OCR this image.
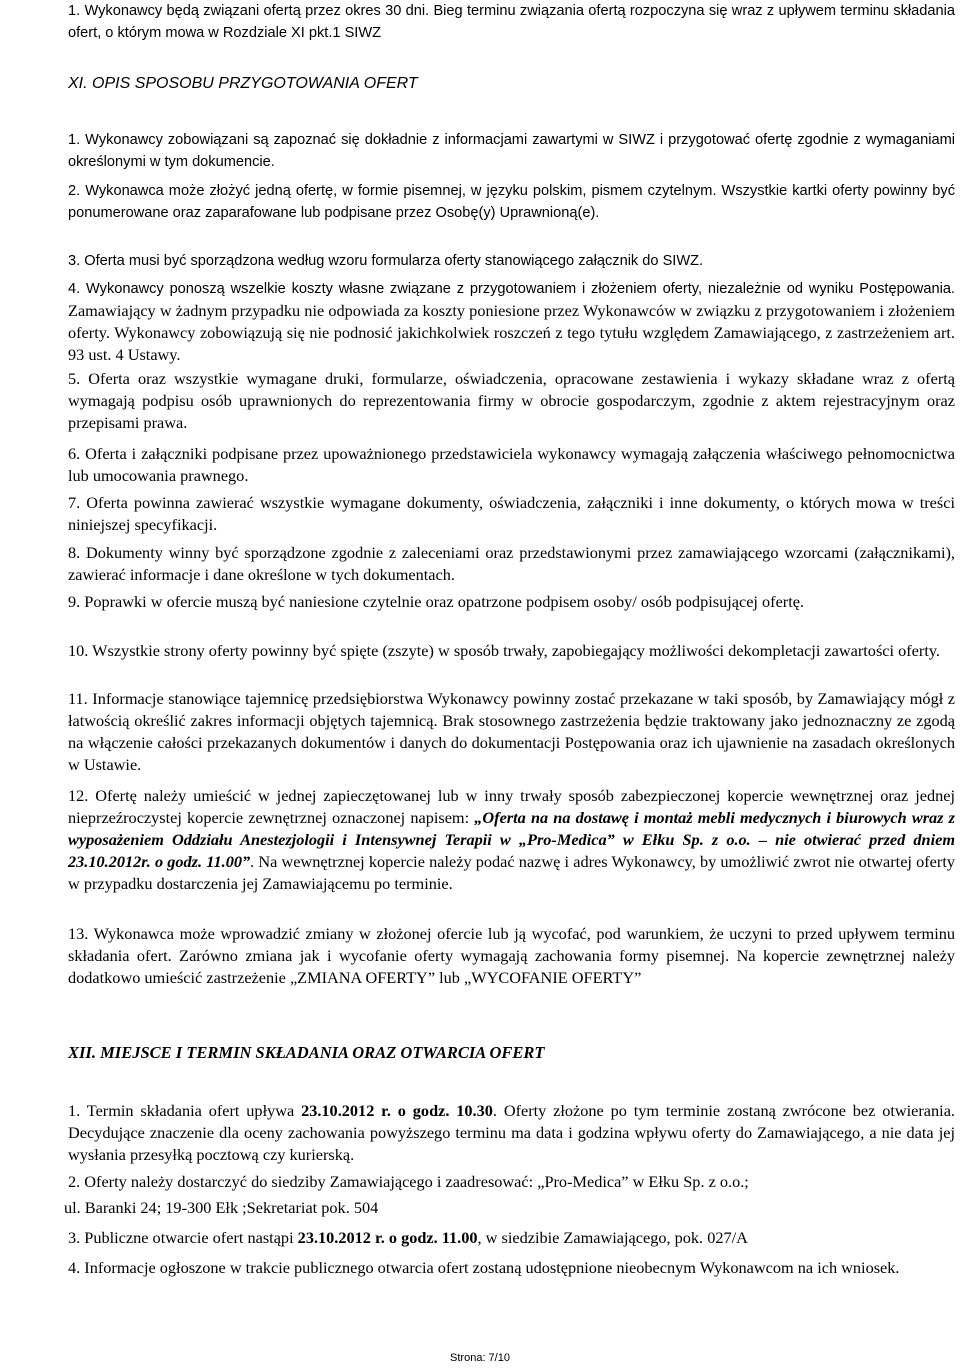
1. Wykonawcy będą związani ofertą przez okres 30 dni. Bieg terminu związania ofertą rozpoczyna się wraz z upływem terminu składania ofert, o którym mowa w Rozdziale XI pkt.1 SIWZ

XI. OPIS SPOSOBU PRZYGOTOWANIA OFERT

1. Wykonawcy zobowiązani są zapoznać się dokładnie z informacjami zawartymi w SIWZ i przygotować ofertę zgodnie z wymaganiami określonymi w tym dokumencie.

2. Wykonawca może złożyć jedną ofertę, w formie pisemnej, w języku polskim, pismem czytelnym. Wszystkie kartki oferty powinny być ponumerowane oraz zaparafowane lub podpisane przez Osobę(y) Uprawnioną(e).

3. Oferta musi być sporządzona według wzoru formularza oferty stanowiącego załącznik do SIWZ.

4. Wykonawcy ponoszą wszelkie koszty własne związane z przygotowaniem i złożeniem oferty, niezależnie od wyniku Postępowania. Zamawiający w żadnym przypadku nie odpowiada za koszty poniesione przez Wykonawców w związku z przygotowaniem i złożeniem oferty. Wykonawcy zobowiązują się nie podnosić jakichkolwiek roszczeń z tego tytułu względem Zamawiającego, z zastrzeżeniem art. 93 ust. 4 Ustawy.

5. Oferta oraz wszystkie wymagane druki, formularze, oświadczenia, opracowane zestawienia i wykazy składane wraz z ofertą wymagają podpisu osób uprawnionych do reprezentowania firmy w obrocie gospodarczym, zgodnie z aktem rejestracyjnym oraz przepisami prawa.

6. Oferta i załączniki podpisane przez upoważnionego przedstawiciela wykonawcy wymagają załączenia właściwego pełnomocnictwa lub umocowania prawnego.

7. Oferta powinna zawierać wszystkie wymagane dokumenty, oświadczenia, załączniki i inne dokumenty, o których mowa w treści niniejszej specyfikacji.

8. Dokumenty winny być sporządzone zgodnie z zaleceniami oraz przedstawionymi przez zamawiającego wzorcami (załącznikami), zawierać informacje i dane określone w tych dokumentach.

9. Poprawki w ofercie muszą być naniesione czytelnie oraz opatrzone podpisem osoby/ osób podpisującej ofertę.

10. Wszystkie strony oferty powinny być spięte (zszyte) w sposób trwały, zapobiegający możliwości dekompletacji zawartości oferty.

11. Informacje stanowiące tajemnicę przedsiębiorstwa Wykonawcy powinny zostać przekazane w taki sposób, by Zamawiający mógł z łatwością określić zakres informacji objętych tajemnicą. Brak stosownego zastrzeżenia będzie traktowany jako jednoznaczny ze zgodą na włączenie całości przekazanych dokumentów i danych do dokumentacji Postępowania oraz ich ujawnienie na zasadach określonych w Ustawie.

12. Ofertę należy umieścić w jednej zapieczętowanej lub w inny trwały sposób zabezpieczonej kopercie wewnętrznej oraz jednej nieprzeźroczystej kopercie zewnętrznej oznaczonej napisem: „Oferta na na dostawę i montaż mebli medycznych i biurowych wraz z wyposażeniem Oddziału Anestezjologii i Intensywnej Terapii w „Pro-Medica” w Ełku Sp. z o.o. – nie otwierać przed dniem 23.10.2012r. o godz. 11.00”. Na wewnętrznej kopercie należy podać nazwę i adres Wykonawcy, by umożliwić zwrot nie otwartej oferty w przypadku dostarczenia jej Zamawiającemu po terminie.

13. Wykonawca może wprowadzić zmiany w złożonej ofercie lub ją wycofać, pod warunkiem, że uczyni to przed upływem terminu składania ofert. Zarówno zmiana jak i wycofanie oferty wymagają zachowania formy pisemnej. Na kopercie zewnętrznej należy dodatkowo umieścić zastrzeżenie „ZMIANA OFERTY” lub „WYCOFANIE OFERTY”

XII. MIEJSCE I TERMIN SKŁADANIA ORAZ OTWARCIA OFERT

1. Termin składania ofert upływa 23.10.2012 r. o godz. 10.30. Oferty złożone po tym terminie zostaną zwrócone bez otwierania. Decydujące znaczenie dla oceny zachowania powyższego terminu ma data i godzina wpływu oferty do Zamawiającego, a nie data jej wysłania przesyłką pocztową czy kurierską.

2. Oferty należy dostarczyć do siedziby Zamawiającego i zaadresować: „Pro-Medica” w Ełku Sp. z o.o.;

ul. Baranki 24; 19-300 Ełk ;Sekretariat pok. 504

3. Publiczne otwarcie ofert nastąpi 23.10.2012 r. o godz. 11.00, w siedzibie Zamawiającego, pok. 027/A

4. Informacje ogłoszone w trakcie publicznego otwarcia ofert zostaną udostępnione nieobecnym Wykonawcom na ich wniosek.

Strona: 7/10
